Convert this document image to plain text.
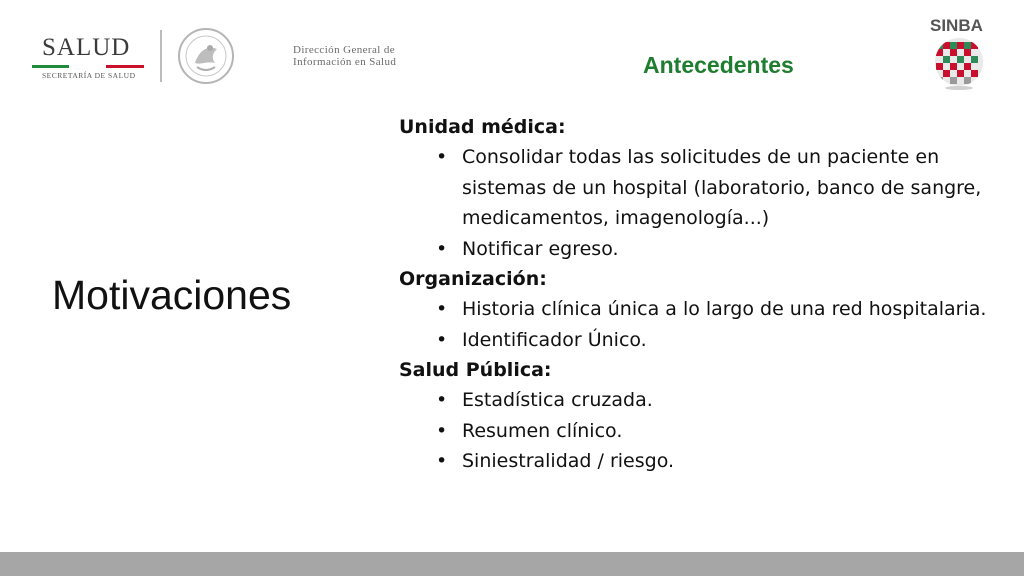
SALUD
SECRETARÍA DE SALUD
Dirección General de
Información en Salud
SINBA
Antecedentes
Motivaciones

Unidad médica:

• Consolidar todas las solicitudes de un paciente en sistemas de un hospital (laboratorio, banco de sangre, medicamentos, imagenología...)
• Notificar egreso.

Organización:

• Historia clínica única a lo largo de una red hospitalaria.
• Identificador Único.

Salud Pública:

• Estadística cruzada.
• Resumen clínico.
• Siniestralidad / riesgo.
